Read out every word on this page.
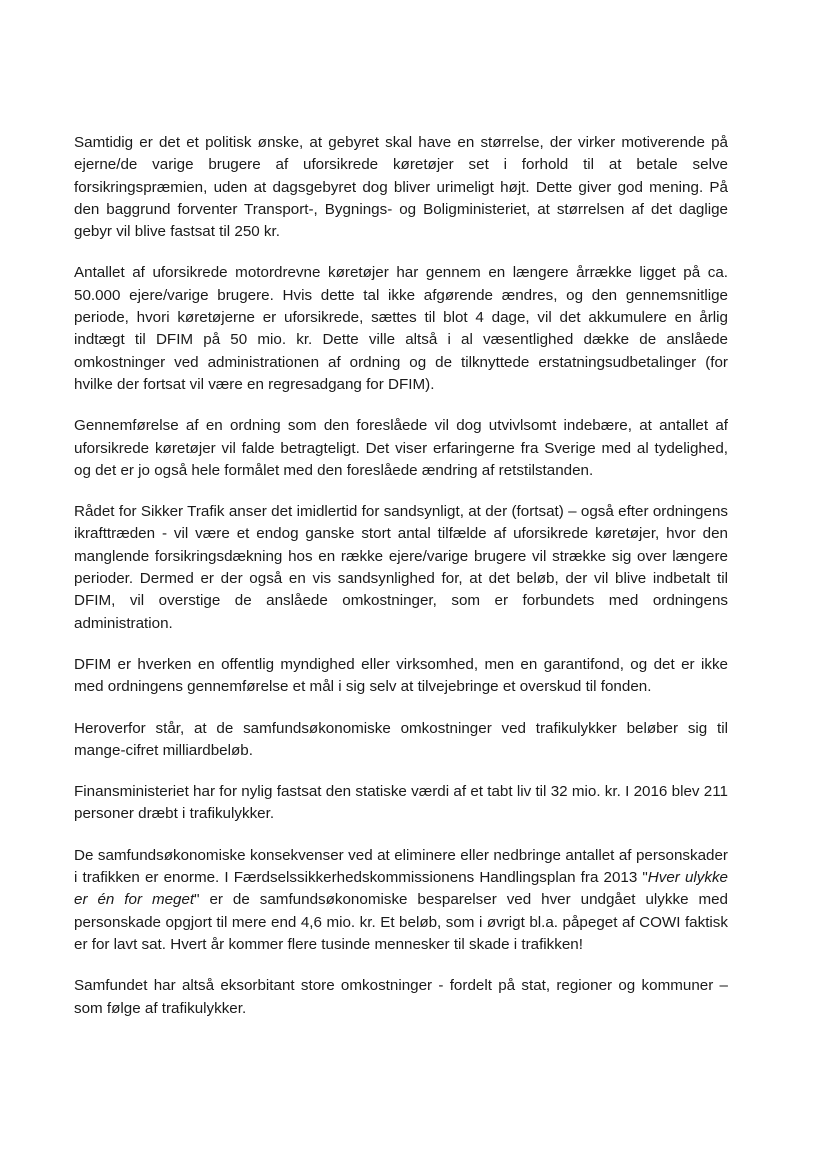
Samtidig er det et politisk ønske, at gebyret skal have en størrelse, der virker motiverende på ejerne/de varige brugere af uforsikrede køretøjer set i forhold til at betale selve forsikringspræmien, uden at dagsgebyret dog bliver urimeligt højt. Dette giver god mening. På den baggrund forventer Transport-, Bygnings- og Boligministeriet, at størrelsen af det daglige gebyr vil blive fastsat til 250 kr.

Antallet af uforsikrede motordrevne køretøjer har gennem en længere årrække ligget på ca. 50.000 ejere/varige brugere. Hvis dette tal ikke afgørende ændres, og den gennemsnitlige periode, hvori køretøjerne er uforsikrede, sættes til blot 4 dage, vil det akkumulere en årlig indtægt til DFIM på 50 mio. kr. Dette ville altså i al væsentlighed dække de anslåede omkostninger ved administrationen af ordning og de tilknyttede erstatningsudbetalinger (for hvilke der fortsat vil være en regresadgang for DFIM).

Gennemførelse af en ordning som den foreslåede vil dog utvivlsomt indebære, at antallet af uforsikrede køretøjer vil falde betragteligt. Det viser erfaringerne fra Sverige med al tydelighed, og det er jo også hele formålet med den foreslåede ændring af retstilstanden.

Rådet for Sikker Trafik anser det imidlertid for sandsynligt, at der (fortsat) – også efter ordningens ikrafttræden - vil være et endog ganske stort antal tilfælde af uforsikrede køretøjer, hvor den manglende forsikringsdækning hos en række ejere/varige brugere vil strække sig over længere perioder. Dermed er der også en vis sandsynlighed for, at det beløb, der vil blive indbetalt til DFIM, vil overstige de anslåede omkostninger, som er forbundets med ordningens administration.

DFIM er hverken en offentlig myndighed eller virksomhed, men en garantifond, og det er ikke med ordningens gennemførelse et mål i sig selv at tilvejebringe et overskud til fonden.

Heroverfor står, at de samfundsøkonomiske omkostninger ved trafikulykker beløber sig til mange-cifret milliardbeløb.

Finansministeriet har for nylig fastsat den statiske værdi af et tabt liv til 32 mio. kr. I 2016 blev 211 personer dræbt i trafikulykker.

De samfundsøkonomiske konsekvenser ved at eliminere eller nedbringe antallet af personskader i trafikken er enorme. I Færdselssikkerhedskommissionens Handlingsplan fra 2013 "Hver ulykke er én for meget" er de samfundsøkonomiske besparelser ved hver undgået ulykke med personskade opgjort til mere end 4,6 mio. kr. Et beløb, som i øvrigt bl.a. påpeget af COWI faktisk er for lavt sat. Hvert år kommer flere tusinde mennesker til skade i trafikken!

Samfundet har altså eksorbitant store omkostninger - fordelt på stat, regioner og kommuner – som følge af trafikulykker.
